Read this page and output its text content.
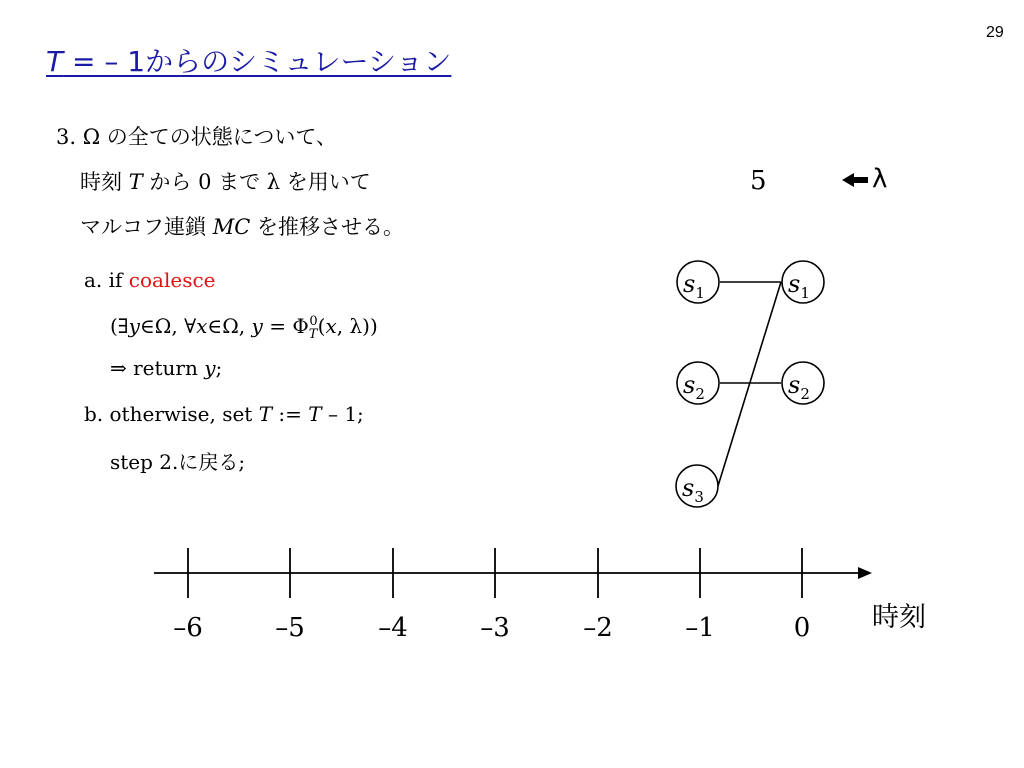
29
T = – 1からのシミュレーション
3. Ω の全ての状態について、
時刻 T から 0 まで λ を用いて
マルコフ連鎖 MC を推移させる。
a. if coalesce
(∃y∈Ω, ∀x∈Ω, $y = \Phi_T^0(x$, λ))
⇒ return y;
b. otherwise, set T := T – 1;
step 2.に戻る;
5	λ
$s_1$
$s_2$
$s_3$
$s_1$
$s_2$
–6	–5	–4	–3	–2	–1	0 時刻
